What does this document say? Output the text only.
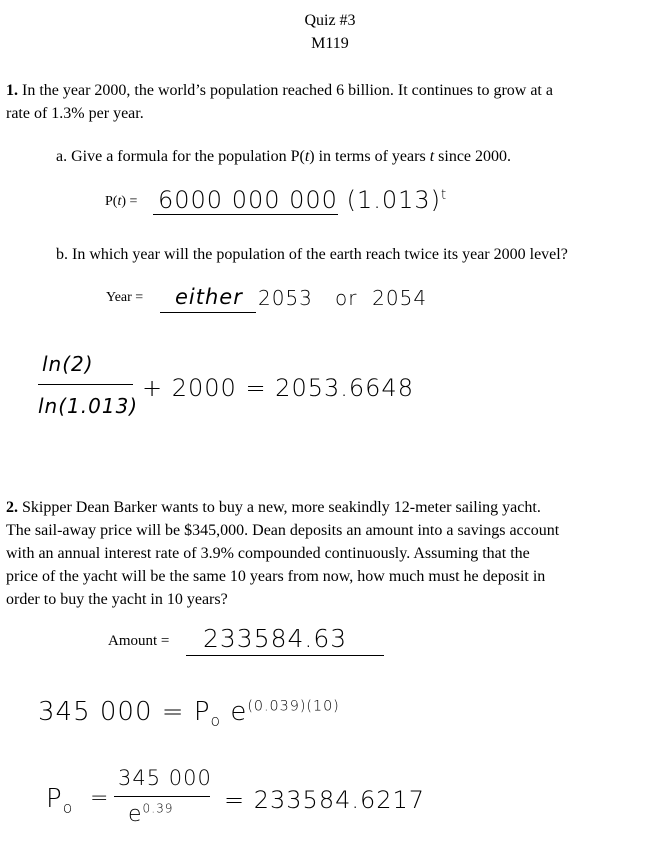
Quiz #3
M119
1. In the year 2000, the world’s population reached 6 billion. It continues to grow at a
rate of 1.3% per year.
a. Give a formula for the population P(t) in terms of years t since 2000.
P(t) = 6000 000 000 $(1.013)^t$
b. In which year will the population of the earth reach twice its year 2000 level?
Year = either 2053   or  2054
ln(2)
ln(1.013)
+ 2000 = 2053.6648
2. Skipper Dean Barker wants to buy a new, more seakindly 12-meter sailing yacht.
The sail-away price will be $345,000. Dean deposits an amount into a savings account
with an annual interest rate of 3.9% compounded continuously. Assuming that the
price of the yacht will be the same 10 years from now, how much must he deposit in
order to buy the yacht in 10 years?
Amount = 233584.63
345 $000 = P_o$ $e^{(0.039)(10)}$
$P_o$ =
345 000
$e^{0.39} = 233584.6217$
